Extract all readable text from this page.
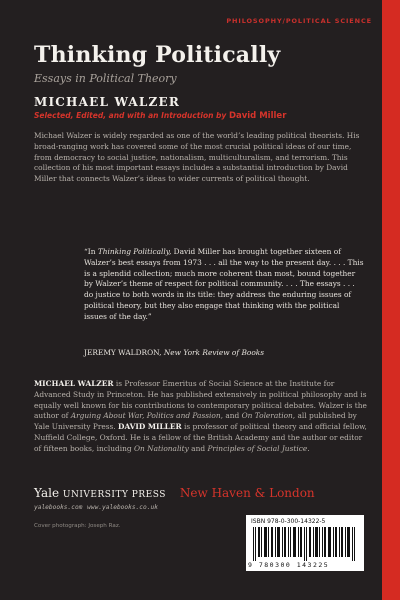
PHILOSOPHY/POLITICAL SCIENCE
Thinking Politically
Essays in Political Theory
MICHAEL WALZER
Selected, Edited, and with an Introduction by David Miller
Michael Walzer is widely regarded as one of the world’s leading political theorists. His broad-ranging work has covered some of the most crucial political ideas of our time, from democracy to social justice, nationalism, multiculturalism, and terrorism. This collection of his most important essays includes a substantial introduction by David Miller that connects Walzer’s ideas to wider currents of political thought.
“In Thinking Politically, David Miller has brought together sixteen of Walzer’s best essays from 1973 . . . all the way to the present day. . . . This is a splendid collection; much more coherent than most, bound together by Walzer’s theme of respect for political community. . . . The essays . . . do justice to both words in its title: they address the enduring issues of political theory, but they also engage that thinking with the political issues of the day.”
JEREMY WALDRON, New York Review of Books
MICHAEL WALZER is Professor Emeritus of Social Science at the Institute for Advanced Study in Princeton. He has published extensively in political philosophy and is equally well known for his contributions to contemporary political debates. Walzer is the author of Arguing About War, Politics and Passion, and On Toleration, all published by Yale University Press. DAVID MILLER is professor of political theory and official fellow, Nuffield College, Oxford. He is a fellow of the British Academy and the author or editor of fifteen books, including On Nationality and Principles of Social Justice.
Yale UNIVERSITY PRESS New Haven & London
yalebooks.com www.yalebooks.co.uk
Cover photograph: Joseph Raz.
ISBN 978-0-300-14322-5
9 780300 143225
